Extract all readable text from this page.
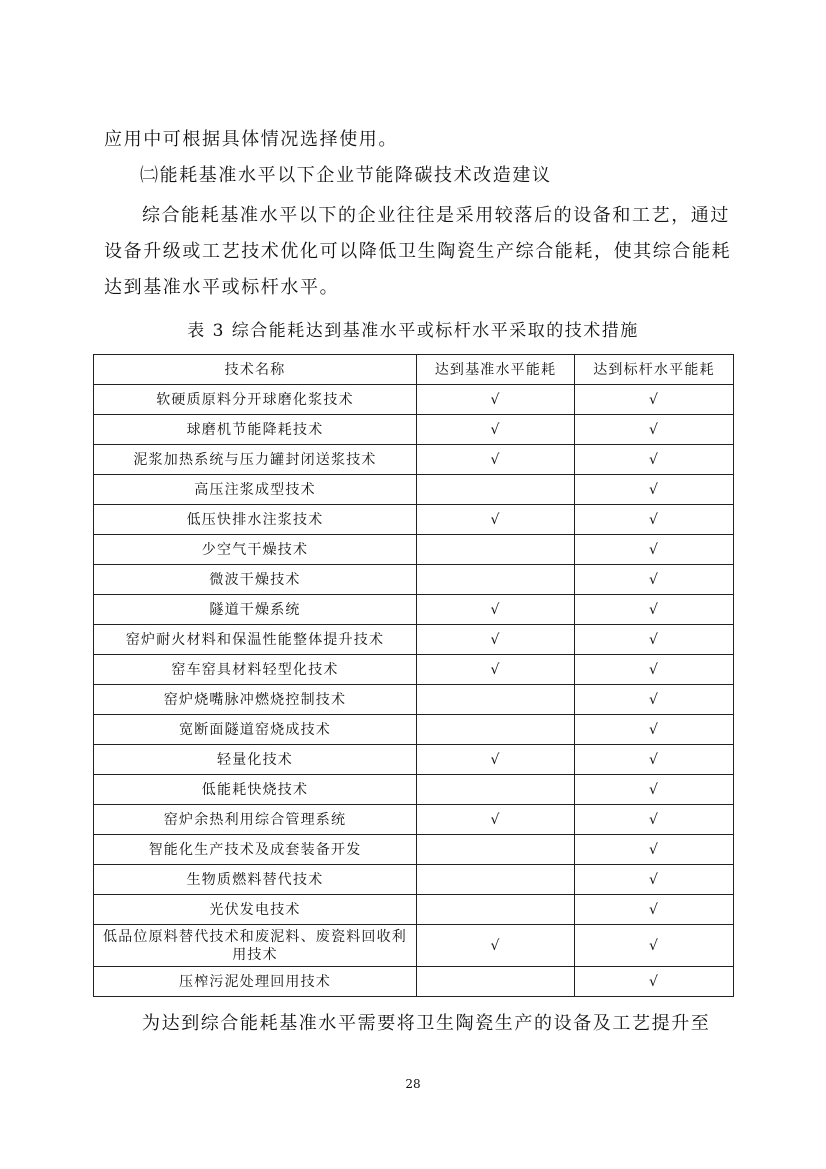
应用中可根据具体情况选择使用。
㈡能耗基准水平以下企业节能降碳技术改造建议
综合能耗基准水平以下的企业往往是采用较落后的设备和工艺，通过
设备升级或工艺技术优化可以降低卫生陶瓷生产综合能耗，使其综合能耗
达到基准水平或标杆水平。
表 3 综合能耗达到基准水平或标杆水平采取的技术措施
技术名称	达到基准水平能耗	达到标杆水平能耗
软硬质原料分开球磨化浆技术	√	√
球磨机节能降耗技术	√	√
泥浆加热系统与压力罐封闭送浆技术	√	√
高压注浆成型技术		√
低压快排水注浆技术	√	√
少空气干燥技术		√
微波干燥技术		√
隧道干燥系统	√	√
窑炉耐火材料和保温性能整体提升技术	√	√
窑车窑具材料轻型化技术	√	√
窑炉烧嘴脉冲燃烧控制技术		√
宽断面隧道窑烧成技术		√
轻量化技术	√	√
低能耗快烧技术		√
窑炉余热利用综合管理系统	√	√
智能化生产技术及成套装备开发		√
生物质燃料替代技术		√
光伏发电技术		√
低品位原料替代技术和废泥料、废瓷料回收利用技术	√	√
压榨污泥处理回用技术		√
为达到综合能耗基准水平需要将卫生陶瓷生产的设备及工艺提升至
28
